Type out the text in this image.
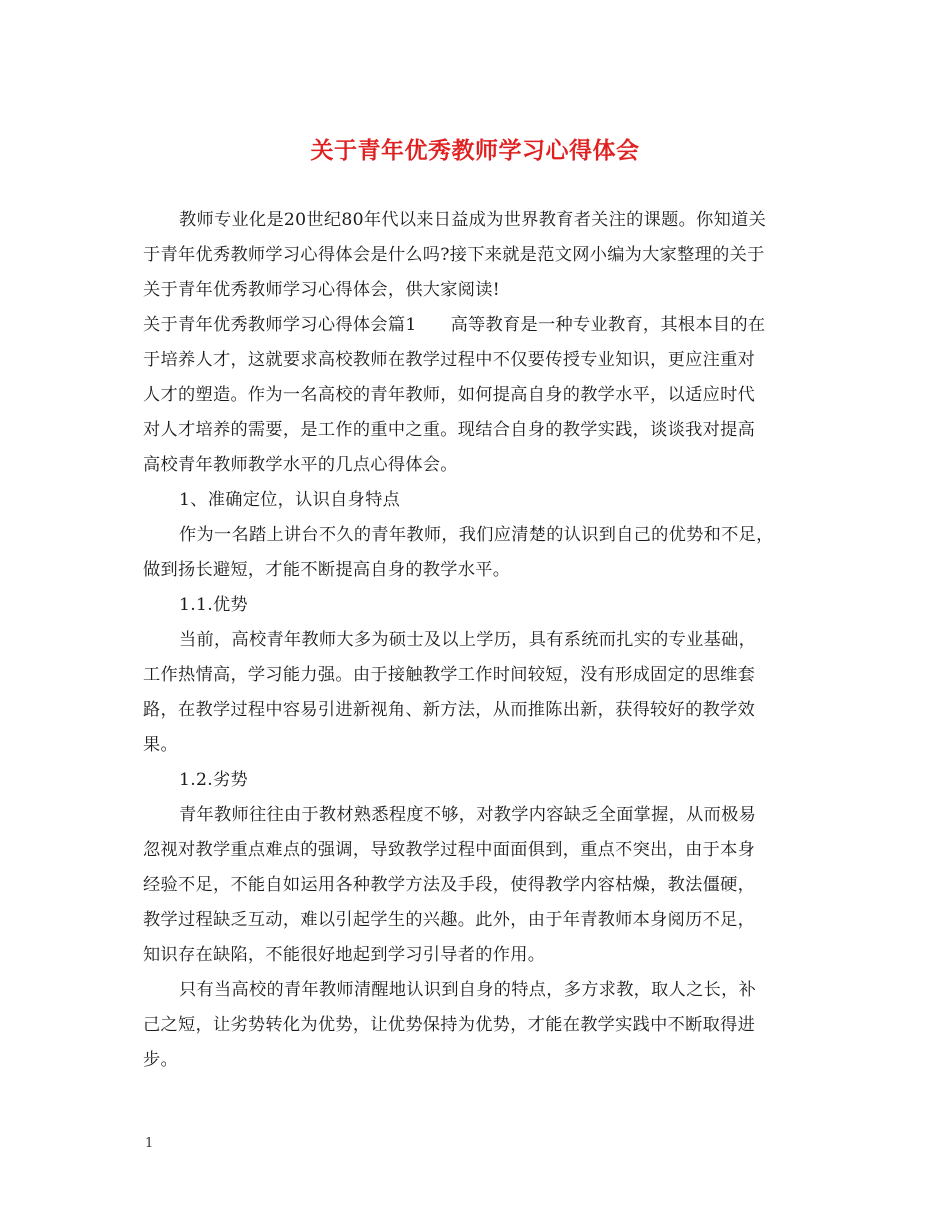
关于青年优秀教师学习心得体会
教师专业化是20世纪80年代以来日益成为世界教育者关注的课题。你知道关
于青年优秀教师学习心得体会是什么吗?接下来就是范文网小编为大家整理的关于
关于青年优秀教师学习心得体会，供大家阅读!
关于青年优秀教师学习心得体会篇1 高等教育是一种专业教育，其根本目的在
于培养人才，这就要求高校教师在教学过程中不仅要传授专业知识，更应注重对
人才的塑造。作为一名高校的青年教师，如何提高自身的教学水平，以适应时代
对人才培养的需要，是工作的重中之重。现结合自身的教学实践，谈谈我对提高
高校青年教师教学水平的几点心得体会。
1、准确定位，认识自身特点
作为一名踏上讲台不久的青年教师，我们应清楚的认识到自己的优势和不足，
做到扬长避短，才能不断提高自身的教学水平。
1.1.优势
当前，高校青年教师大多为硕士及以上学历，具有系统而扎实的专业基础，
工作热情高，学习能力强。由于接触教学工作时间较短，没有形成固定的思维套
路，在教学过程中容易引进新视角、新方法，从而推陈出新，获得较好的教学效
果。
1.2.劣势
青年教师往往由于教材熟悉程度不够，对教学内容缺乏全面掌握，从而极易
忽视对教学重点难点的强调，导致教学过程中面面俱到，重点不突出，由于本身
经验不足，不能自如运用各种教学方法及手段，使得教学内容枯燥，教法僵硬，
教学过程缺乏互动，难以引起学生的兴趣。此外，由于年青教师本身阅历不足，
知识存在缺陷，不能很好地起到学习引导者的作用。
只有当高校的青年教师清醒地认识到自身的特点，多方求教，取人之长，补
己之短，让劣势转化为优势，让优势保持为优势，才能在教学实践中不断取得进
步。
1
